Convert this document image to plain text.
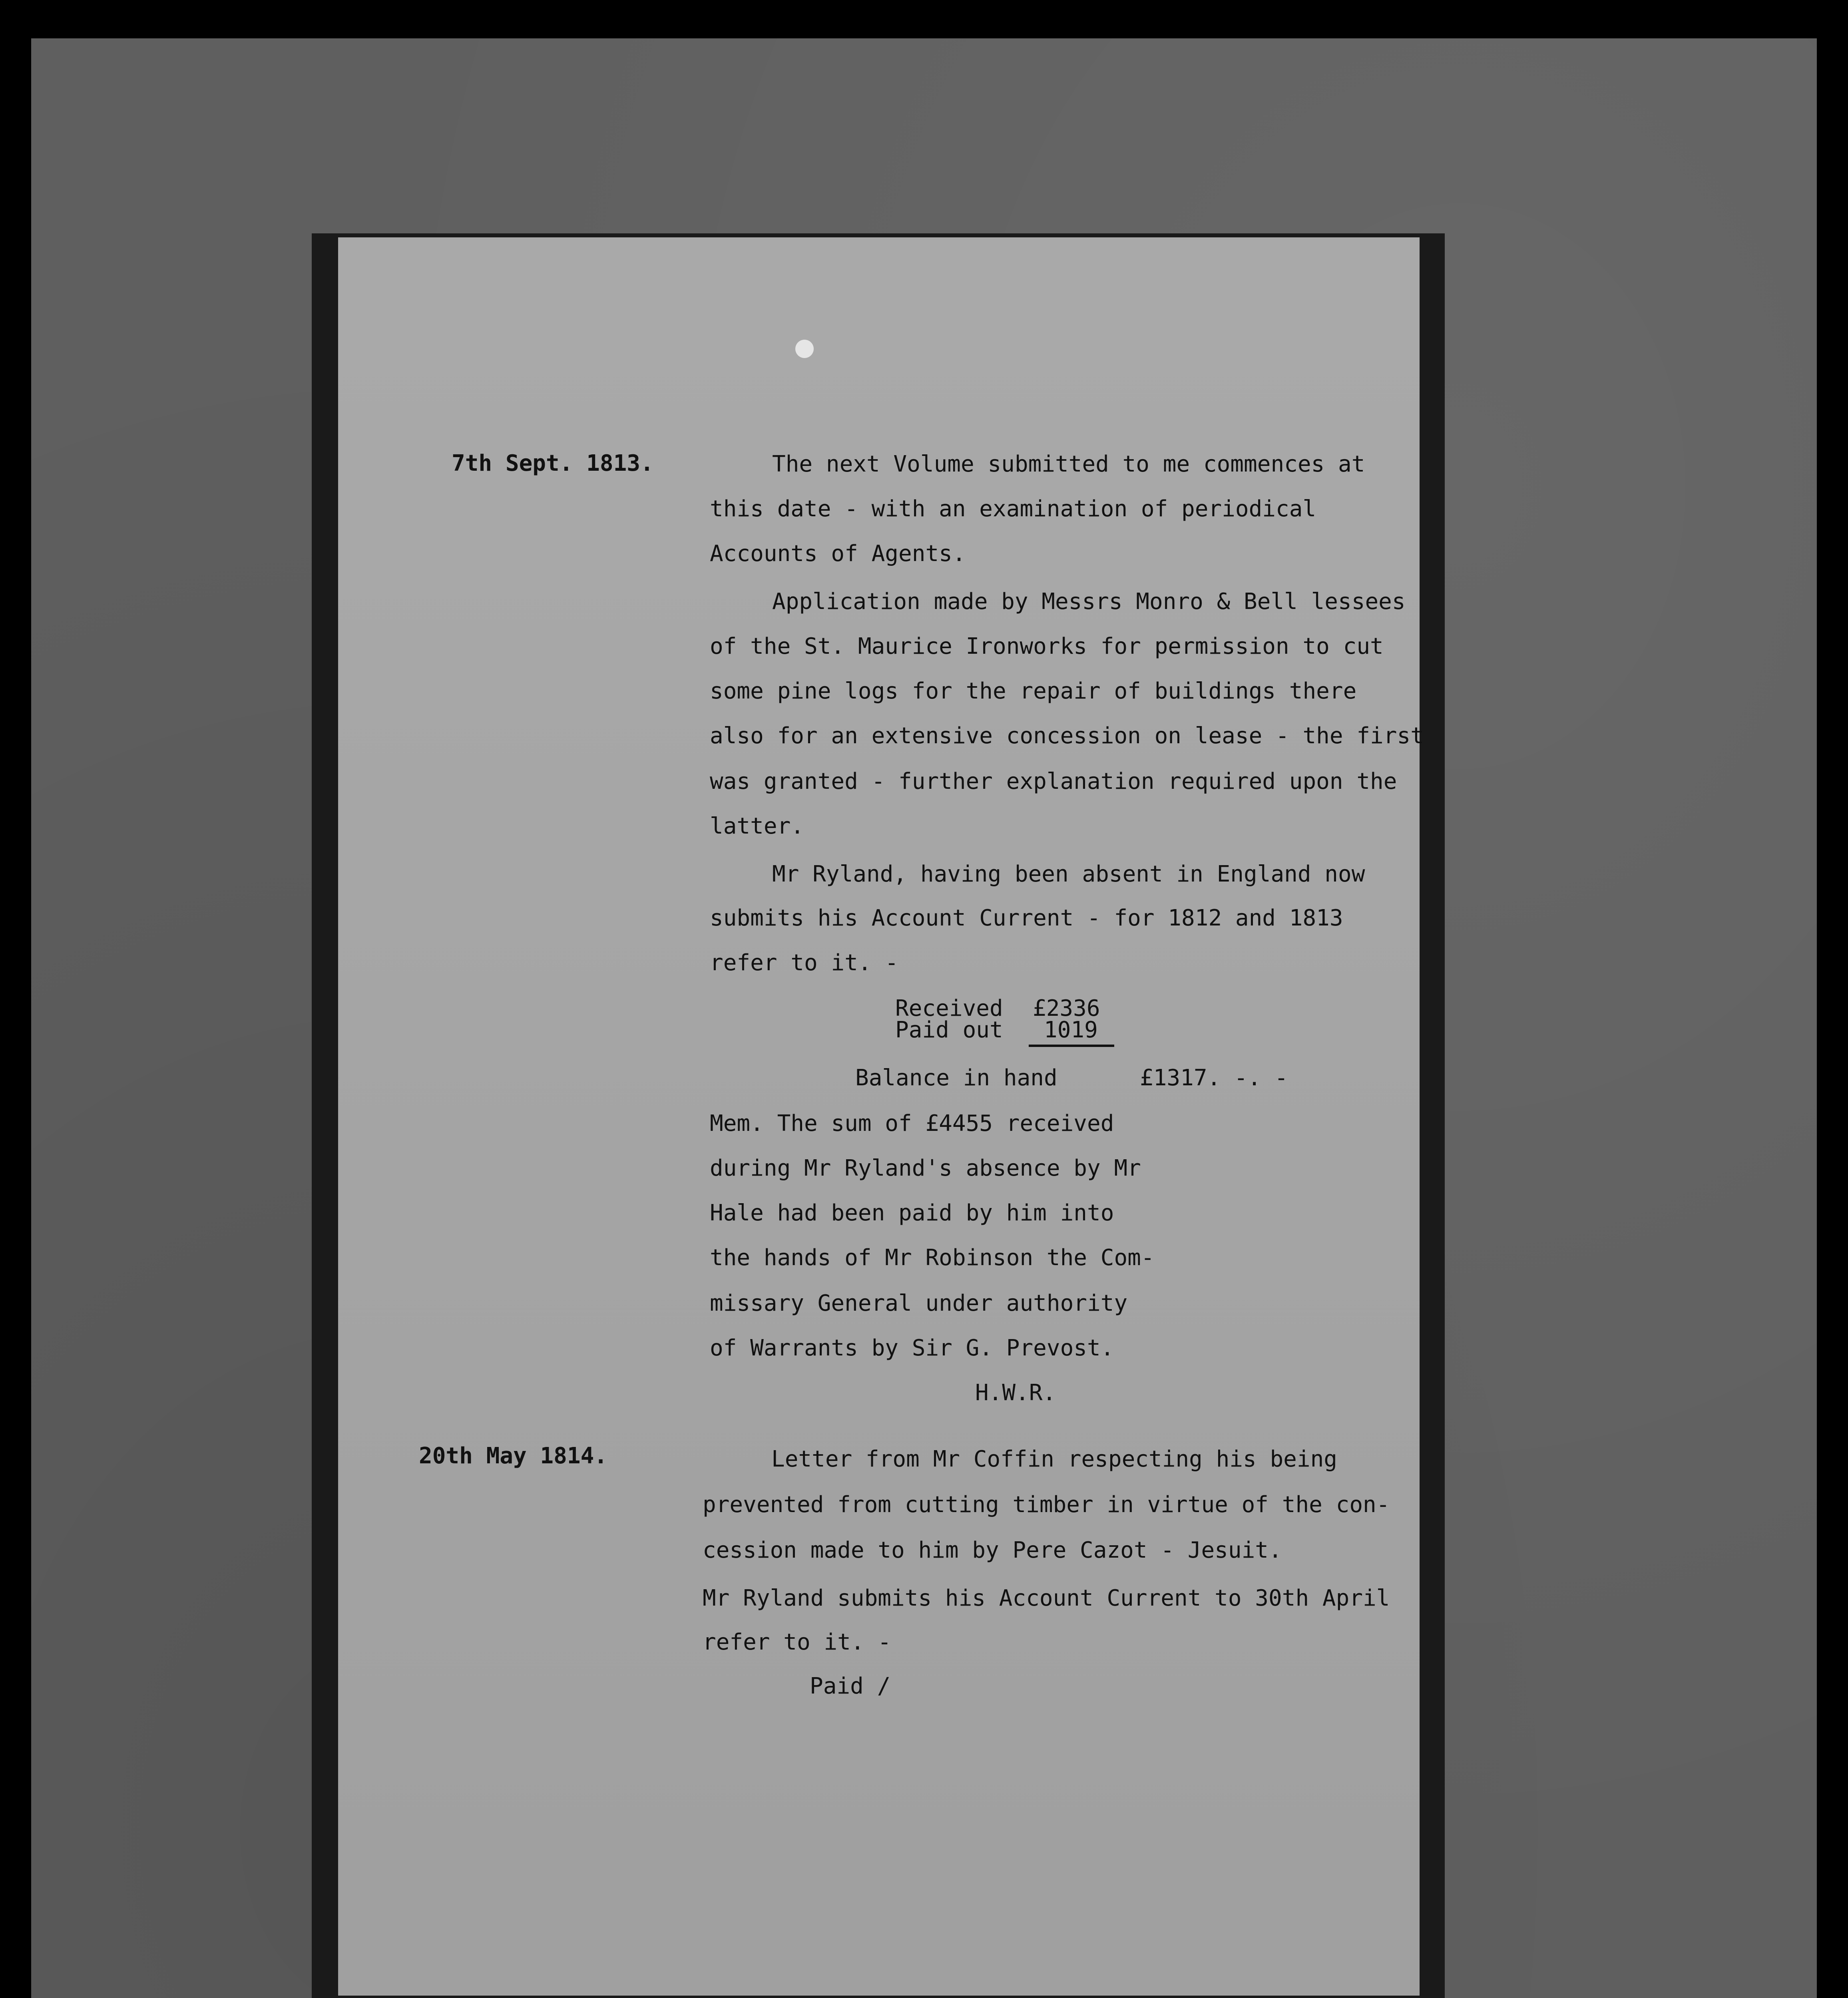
7th Sept. 1813.	The next Volume submitted to me commences at
this date - with an examination of periodical
Accounts of Agents.
Application made by Messrs Monro & Bell lessees
of the St. Maurice Ironworks for permission to cut
some pine logs for the repair of buildings there
also for an extensive concession on lease - the first
was granted - further explanation required upon the
latter.
Mr Ryland, having been absent in England now
submits his Account Current - for 1812 and 1813
refer to it. -
Received £2336
Paid out 1019
Balance in hand	£1317. -. -
Mem. The sum of £4455 received
during Mr Ryland's absence by Mr
Hale had been paid by him into
the hands of Mr Robinson the Com-
missary General under authority
of Warrants by Sir G. Prevost.
H.W.R.
20th May 1814.	Letter from Mr Coffin respecting his being
prevented from cutting timber in virtue of the con-
cession made to him by Pere Cazot - Jesuit.
Mr Ryland submits his Account Current to 30th April
refer to it. -
Paid /
